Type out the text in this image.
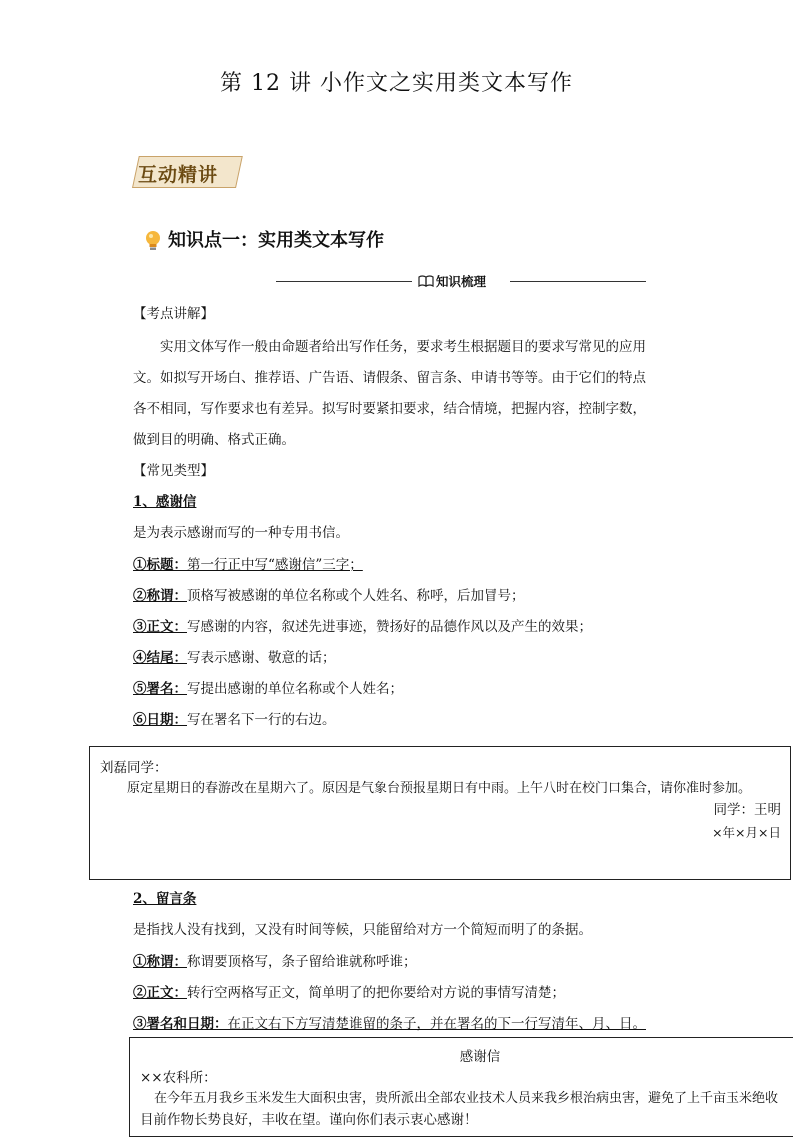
第 12 讲 小作文之实用类文本写作
互动精讲
知识点一：实用类文本写作
知识梳理
【考点讲解】
实用文体写作一般由命题者给出写作任务，要求考生根据题目的要求写常见的应用
文。如拟写开场白、推荐语、广告语、请假条、留言条、申请书等等。由于它们的特点
各不相同，写作要求也有差异。拟写时要紧扣要求，结合情境，把握内容，控制字数，
做到目的明确、格式正确。
【常见类型】
1、感谢信
是为表示感谢而写的一种专用书信。
①标题：第一行正中写“感谢信”三字；
②称谓：顶格写被感谢的单位名称或个人姓名、称呼，后加冒号；
③正文：写感谢的内容，叙述先进事迹，赞扬好的品德作风以及产生的效果；
④结尾：写表示感谢、敬意的话；
⑤署名：写提出感谢的单位名称或个人姓名；
⑥日期：写在署名下一行的右边。
刘磊同学：
原定星期日的春游改在星期六了。原因是气象台预报星期日有中雨。上午八时在校门口集合，请你准时参加。
同学：王明
×年×月×日
2、留言条
是指找人没有找到，又没有时间等候，只能留给对方一个简短而明了的条据。
①称谓：称谓要顶格写，条子留给谁就称呼谁；
②正文：转行空两格写正文，简单明了的把你要给对方说的事情写清楚；
③署名和日期：在正文右下方写清楚谁留的条子，并在署名的下一行写清年、月、日。
感谢信
××农科所：
在今年五月我乡玉米发生大面积虫害，贵所派出全部农业技术人员来我乡根治病虫害，避免了上千亩玉米绝收
目前作物长势良好，丰收在望。谨向你们表示衷心感谢！
